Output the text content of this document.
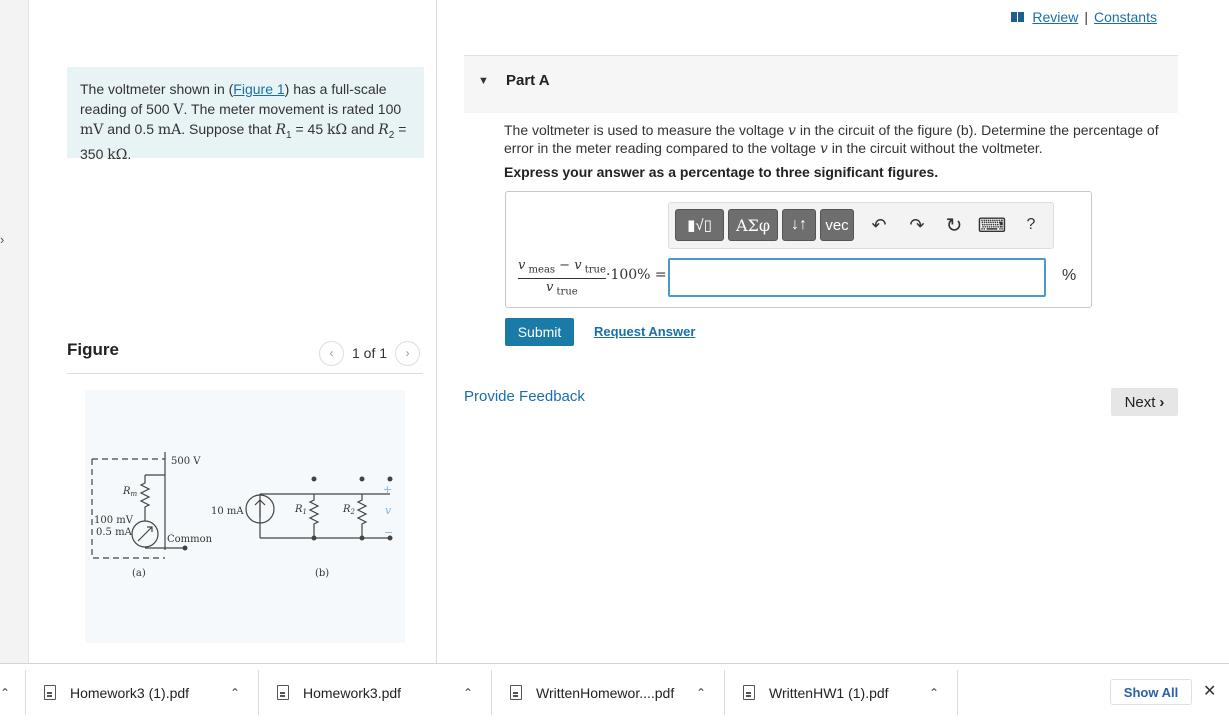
›
The voltmeter shown in (Figure 1) has a full-scale reading of 500 V. The meter movement is rated 100 mV and 0.5 mA. Suppose that $R_1 = 45$ kΩ and $R_2 = 350$ kΩ.
Figure	‹ 1 of 1 ›
500 V
$R_m$
100 mV
0.5 mA
Common
(a)
10 mA	$R_1$	$R_2$
(b)
+
v
−
Review | Constants
▼ Part A
The voltmeter is used to measure the voltage v in the circuit of the figure (b). Determine the percentage of error in the meter reading compared to the voltage v in the circuit without the voltmeter.
Express your answer as a percentage to three significant figures.
▮√▯	ΑΣφ	↓↑	vec ↶ ↷ ↻ ⌨	?
v $_{meas}$ − v $_{true}$
v $_{true}$
·100% =	%
Submit	Request Answer
Provide Feedback	Next ›
⌃	Homework3 (1).pdf	⌃	Homework3.pdf	⌃	WrittenHomewor....pdf ⌃	WrittenHW1 (1).pdf	⌃	Show All	✕
